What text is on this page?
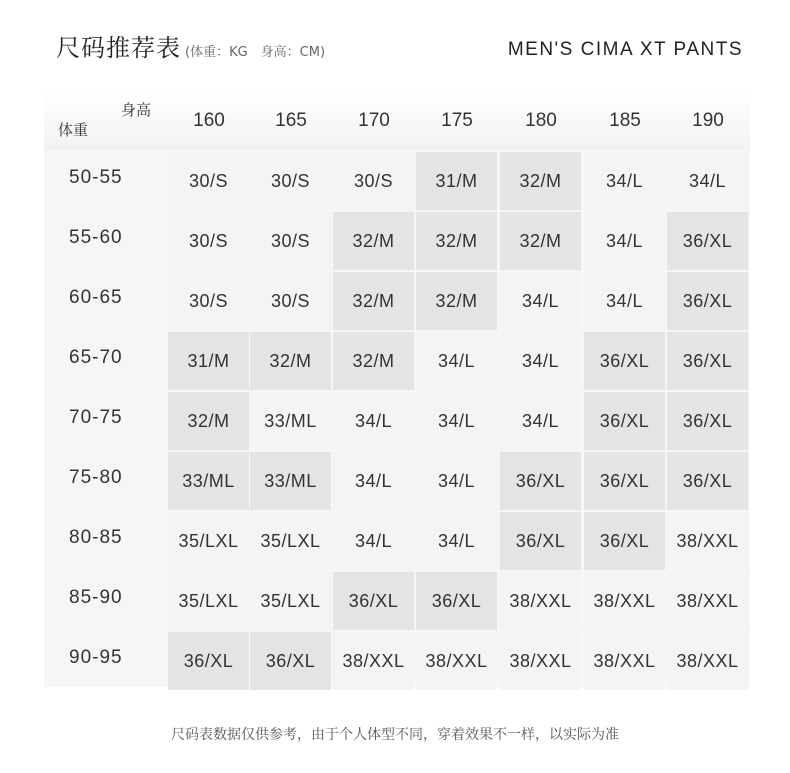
尺码推荐表 (体重：KG　身高：CM)	MEN'S CIMA XT PANTS
身高
体重	160	165	170	175	180	185	190
50-55	30/S	30/S	30/S	31/M	32/M	34/L	34/L
55-60	30/S	30/S	32/M	32/M	32/M	34/L	36/XL
60-65	30/S	30/S	32/M	32/M	34/L	34/L	36/XL
65-70	31/M	32/M	32/M	34/L	34/L	36/XL	36/XL
70-75	32/M	33/ML	34/L	34/L	34/L	36/XL	36/XL
75-80	33/ML	33/ML	34/L	34/L	36/XL	36/XL	36/XL
80-85	35/LXL	35/LXL	34/L	34/L	36/XL	36/XL	38/XXL
85-90	35/LXL	35/LXL	36/XL	36/XL	38/XXL	38/XXL	38/XXL
90-95	36/XL	36/XL	38/XXL	38/XXL	38/XXL	38/XXL	38/XXL
尺码表数据仅供参考，由于个人体型不同，穿着效果不一样，以实际为准
